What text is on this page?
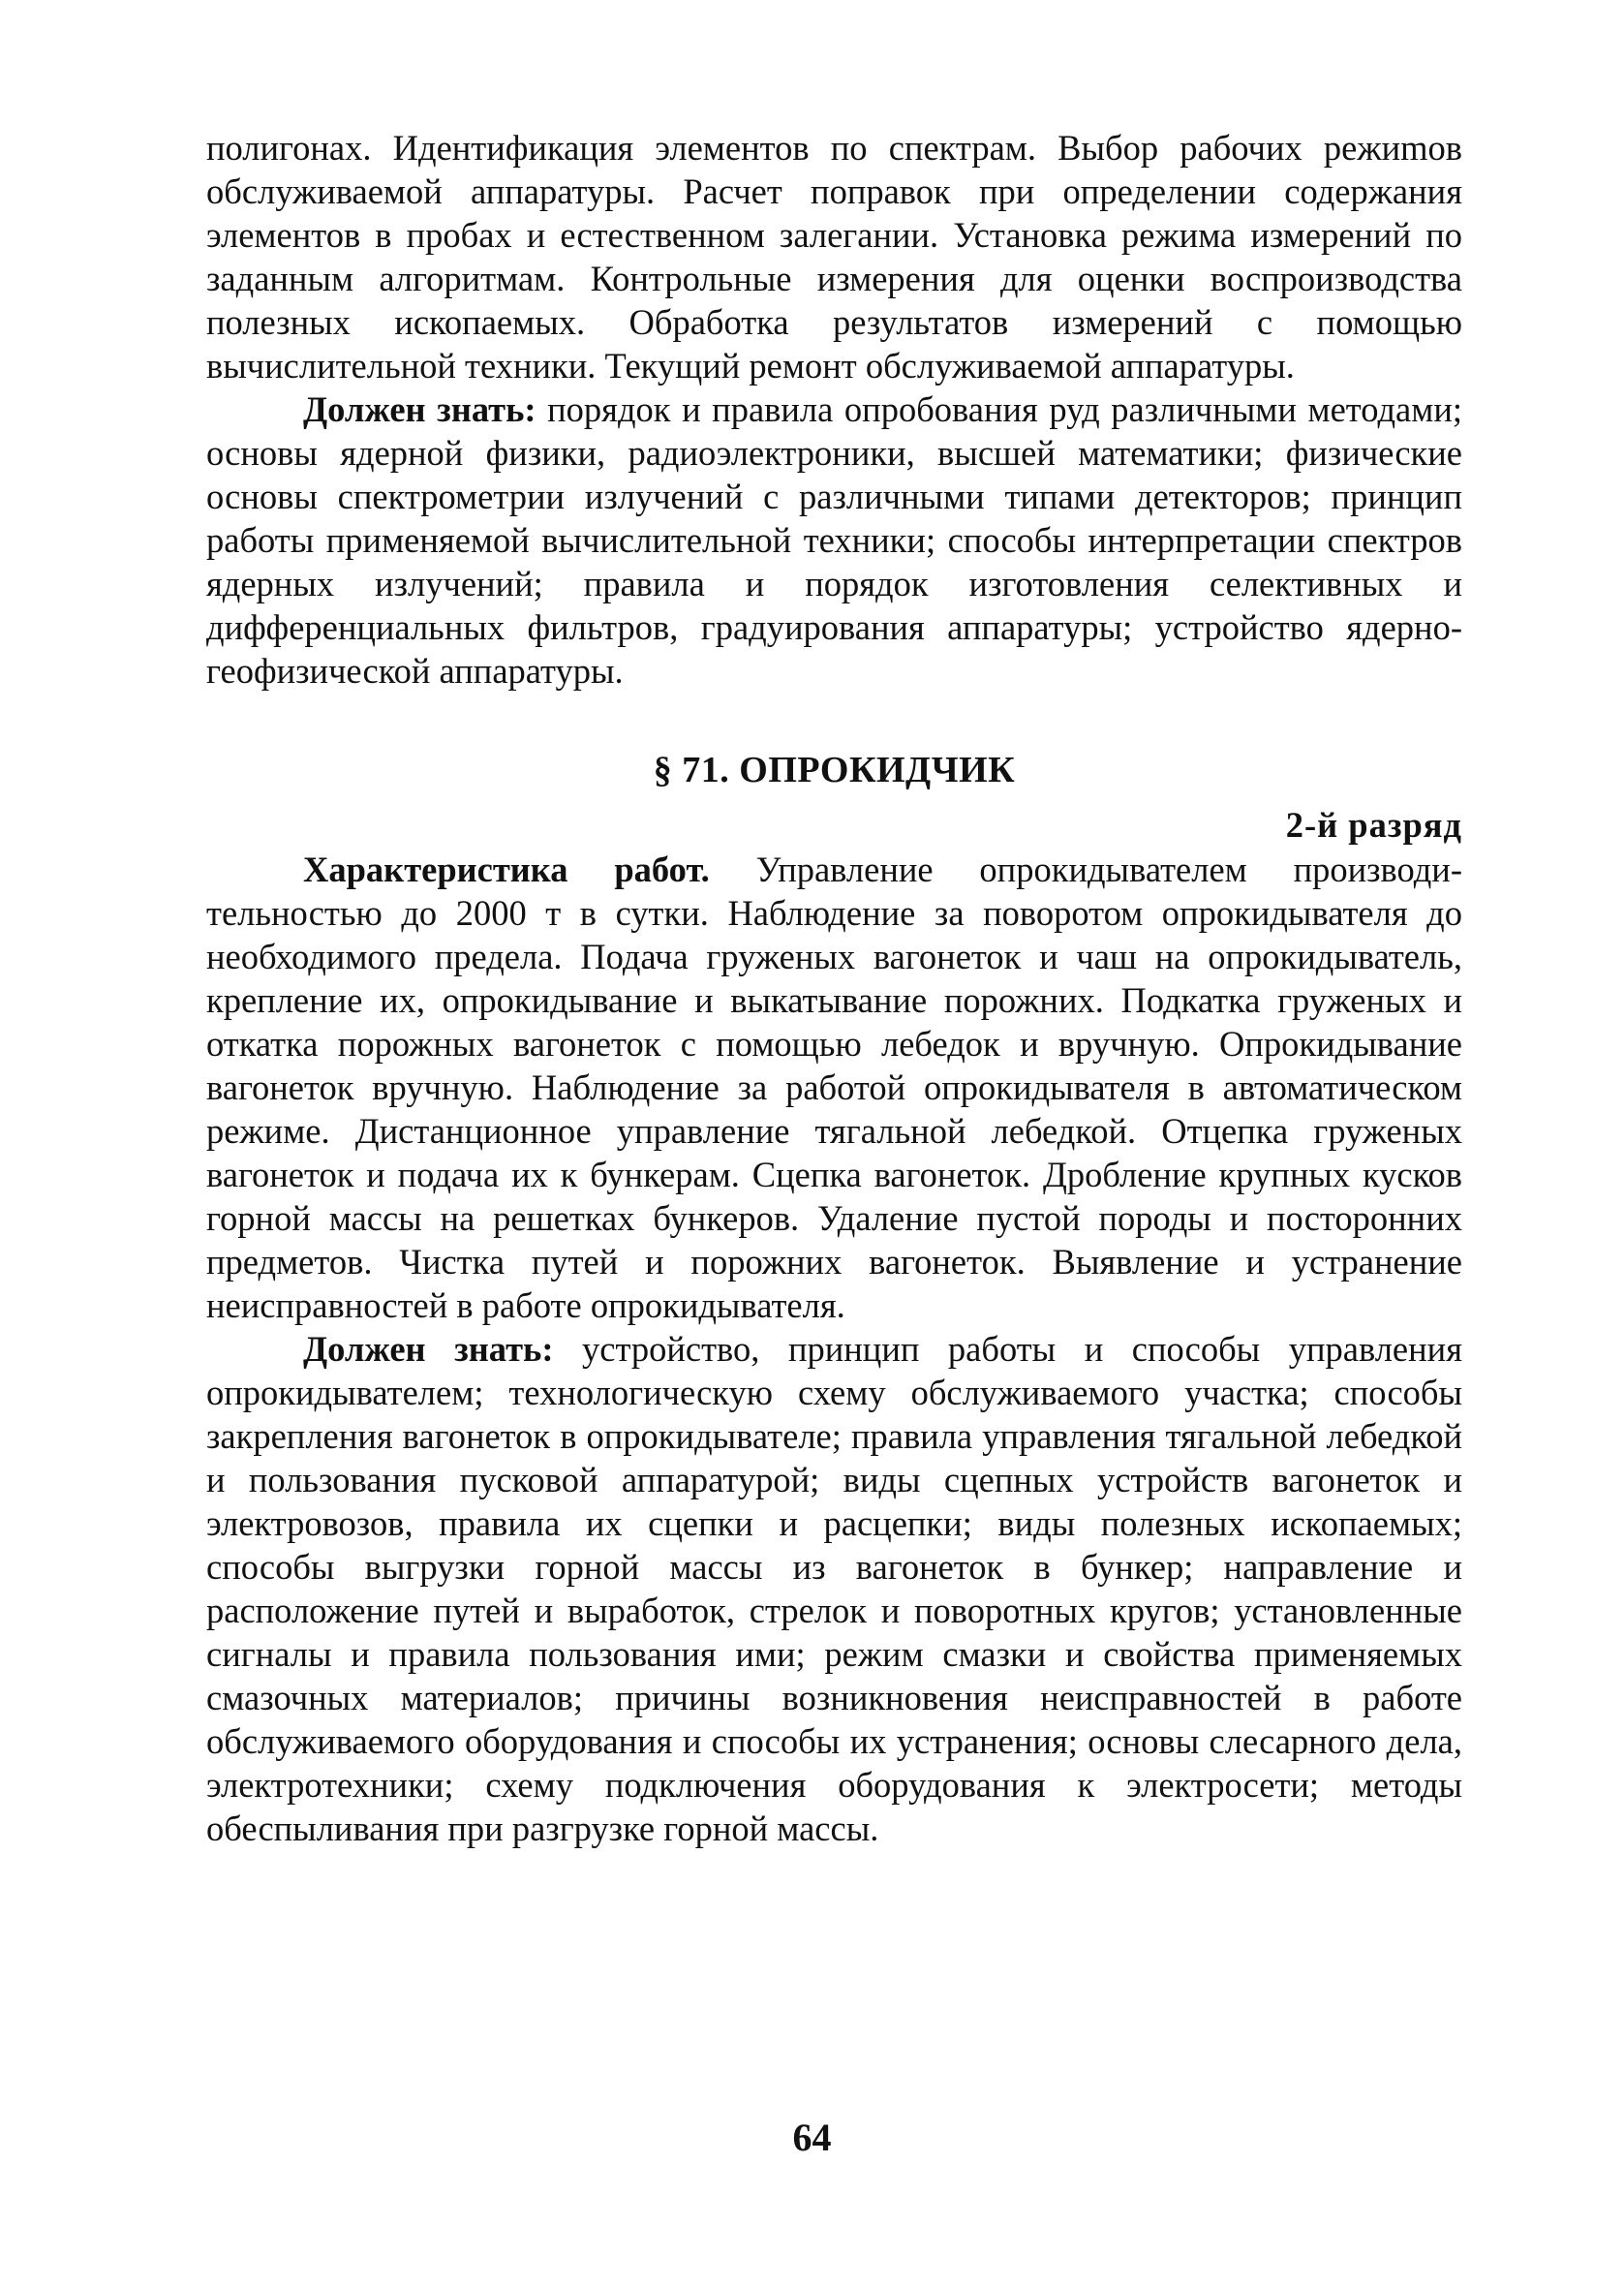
полигонах. Идентификация элементов по спектрам. Выбор рабочих режиmов обслуживаемой аппаратуры. Расчет поправок при определении содержания элементов в пробах и естественном залегании. Установка режима измерений по заданным алгоритмам. Контрольные измерения для оценки воспроизводства полезных ископаемых. Обработка результатов измерений с помощью вычислительной техники. Текущий ремонт обслуживаемой аппаратуры.

Должен знать: порядок и правила опробования руд различными методами; основы ядерной физики, радиоэлектроники, высшей математики; физические основы спектрометрии излучений с различными типами детекторов; принцип работы применяемой вычислительной техники; способы интерпретации спектров ядерных излучений; правила и порядок изготовления селективных и дифференциальных фильтров, градуирования аппаратуры; устройство ядерно-геофизической аппаратуры.

§ 71. ОПРОКИДЧИК
2-й разряд

Характеристика работ. Управление опрокидывателем производительностью до 2000 т в сутки. Наблюдение за поворотом опрокидывателя до необходимого предела. Подача груженых вагонеток и чаш на опрокидыватель, крепление их, опрокидывание и выкатывание порожних. Подкатка груженых и откатка порожных вагонеток с помощью лебедок и вручную. Опрокидывание вагонеток вручную. Наблюдение за работой опрокидывателя в автоматическом режиме. Дистанционное управление тягальной лебедкой. Отцепка груженых вагонеток и подача их к бункерам. Сцепка вагонеток. Дробление крупных кусков горной массы на решетках бункеров. Удаление пустой породы и посторонних предметов. Чистка путей и порожних вагонеток. Выявление и устранение неисправностей в работе опрокидывателя.

Должен знать: устройство, принцип работы и способы управления опрокидывателем; технологическую схему обслуживаемого участка; способы закрепления вагонеток в опрокидывателе; правила управления тягальной лебедкой и пользования пусковой аппаратурой; виды сцепных устройств вагонеток и электровозов, правила их сцепки и расцепки; виды полезных ископаемых; способы выгрузки горной массы из вагонеток в бункер; направление и расположение путей и выработок, стрелок и поворотных кругов; установленные сигналы и правила пользования ими; режим смазки и свойства применяемых смазочных материалов; причины возникновения неисправностей в работе обслуживаемого оборудования и способы их устранения; основы слесарного дела, электротехники; схему подключения оборудования к электросети; методы обеспыливания при разгрузке горной массы.

64
